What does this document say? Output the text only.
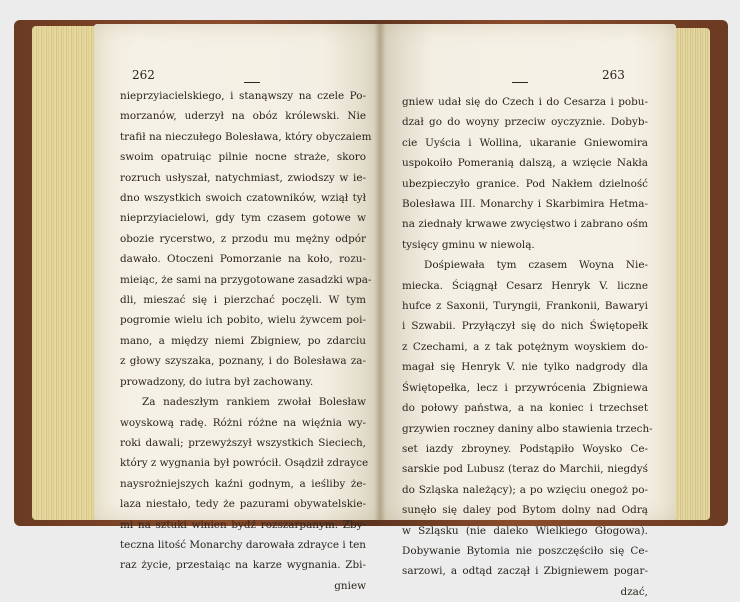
262	263
nieprzyiacielskiego, i stanąwszy na czele Po-
morzanów, uderzył na obóz królewski. Nie
trafił na nieczułego Bolesława, który obyczaiem
swoim opatruiąc pilnie nocne straże, skoro
rozruch usłyszał, natychmiast, zwiodszy w ie-
dno wszystkich swoich czatowników, wziął tył
nieprzyiacielowi, gdy tym czasem gotowe w
obozie rycerstwo, z przodu mu mężny odpór
dawało. Otoczeni Pomorzanie na koło, rozu-
mieiąc, że sami na przygotowane zasadzki wpa-
dli, mieszać się i pierzchać poczęli. W tym
pogromie wielu ich pobito, wielu żywcem poi-
mano, a między niemi Zbigniew, po zdarciu
z głowy szyszaka, poznany, i do Bolesława za-
prowadzony, do iutra był zachowany.
Za nadeszłym rankiem zwołał Bolesław
woyskową radę. Różni różne na więźnia wy-
roki dawali; przewyższył wszystkich Sieciech,
który z wygnania był powrócił. Osądził zdrayce
naysrożniejszych kaźni godnym, a ieśliby że-
laza niestało, tedy że pazurami obywatelskie-
mi na sztuki winien bydź rozszarpanym. Zby-
teczna litość Monarchy darowała zdrayce i ten
raz życie, przestaiąc na karze wygnania. Zbi-
gniew
gniew udał się do Czech i do Cesarza i pobu-
dzał go do woyny przeciw oyczyznie. Dobyb-
cie Uyścia i Wollina, ukaranie Gniewomira
uspokoiło Pomeranią dalszą, a wzięcie Nakła
ubezpieczyło granice. Pod Nakłem dzielność
Bolesława III. Monarchy i Skarbimira Hetma-
na ziednały krwawe zwycięstwo i zabrano ośm
tysięcy gminu w niewolą.
Dośpiewała tym czasem Woyna Nie-
miecka. Ściągnął Cesarz Henryk V. liczne
hufce z Saxonii, Turyngii, Frankonii, Bawaryi
i Szwabii. Przyłączył się do nich Świętopełk
z Czechami, a z tak potężnym woyskiem do-
magał się Henryk V. nie tylko nadgrody dla
Świętopełka, lecz i przywrócenia Zbigniewa
do połowy państwa, a na koniec i trzechset
grzywien roczney daniny albo stawienia trzech-
set iazdy zbroyney. Podstąpiło Woysko Ce-
sarskie pod Lubusz (teraz do Marchii, niegdyś
do Szląska należący); a po wzięciu onegoż po-
sunęło się daley pod Bytom dolny nad Odrą
w Szląsku (nie daleko Wielkiego Głogowa).
Dobywanie Bytomia nie poszczęściło się Ce-
sarzowi, a odtąd zaczął i Zbigniewem pogar-
dzać,
